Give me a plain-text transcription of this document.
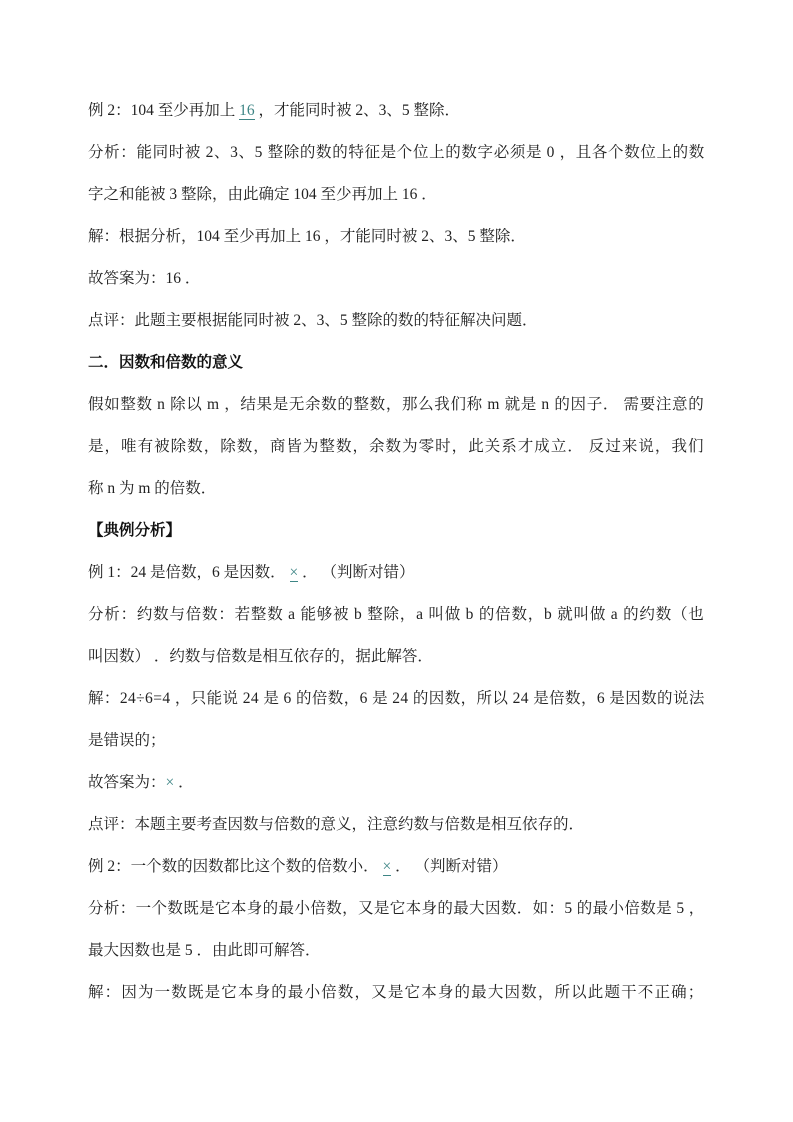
例 2：104 至少再加上 16 ，才能同时被 2、3、5 整除．
分析：能同时被 2、3、5 整除的数的特征是个位上的数字必须是 0 ，且各个数位上的数
字之和能被 3 整除，由此确定 104 至少再加上 16 ．
解：根据分析，104 至少再加上 16 ，才能同时被 2、3、5 整除．
故答案为：16 ．
点评：此题主要根据能同时被 2、3、5 整除的数的特征解决问题．
二．因数和倍数的意义
假如整数 n 除以 m ，结果是无余数的整数，那么我们称 m 就是 n 的因子． 需要注意的
是，唯有被除数，除数，商皆为整数，余数为零时，此关系才成立． 反过来说，我们
称 n 为 m 的倍数．
【典例分析】
例 1：24 是倍数，6 是因数． × ． （判断对错）
分析：约数与倍数：若整数 a 能够被 b 整除，a 叫做 b 的倍数，b 就叫做 a 的约数（也
叫因数） ．约数与倍数是相互依存的，据此解答．
解：24÷6=4 ，只能说 24 是 6 的倍数，6 是 24 的因数，所以 24 是倍数，6 是因数的说法
是错误的；
故答案为：× ．
点评：本题主要考查因数与倍数的意义，注意约数与倍数是相互依存的．
例 2：一个数的因数都比这个数的倍数小． × ． （判断对错）
分析：一个数既是它本身的最小倍数，又是它本身的最大因数．如：5 的最小倍数是 5 ，
最大因数也是 5 ．由此即可解答．
解：因为一数既是它本身的最小倍数，又是它本身的最大因数，所以此题干不正确；
